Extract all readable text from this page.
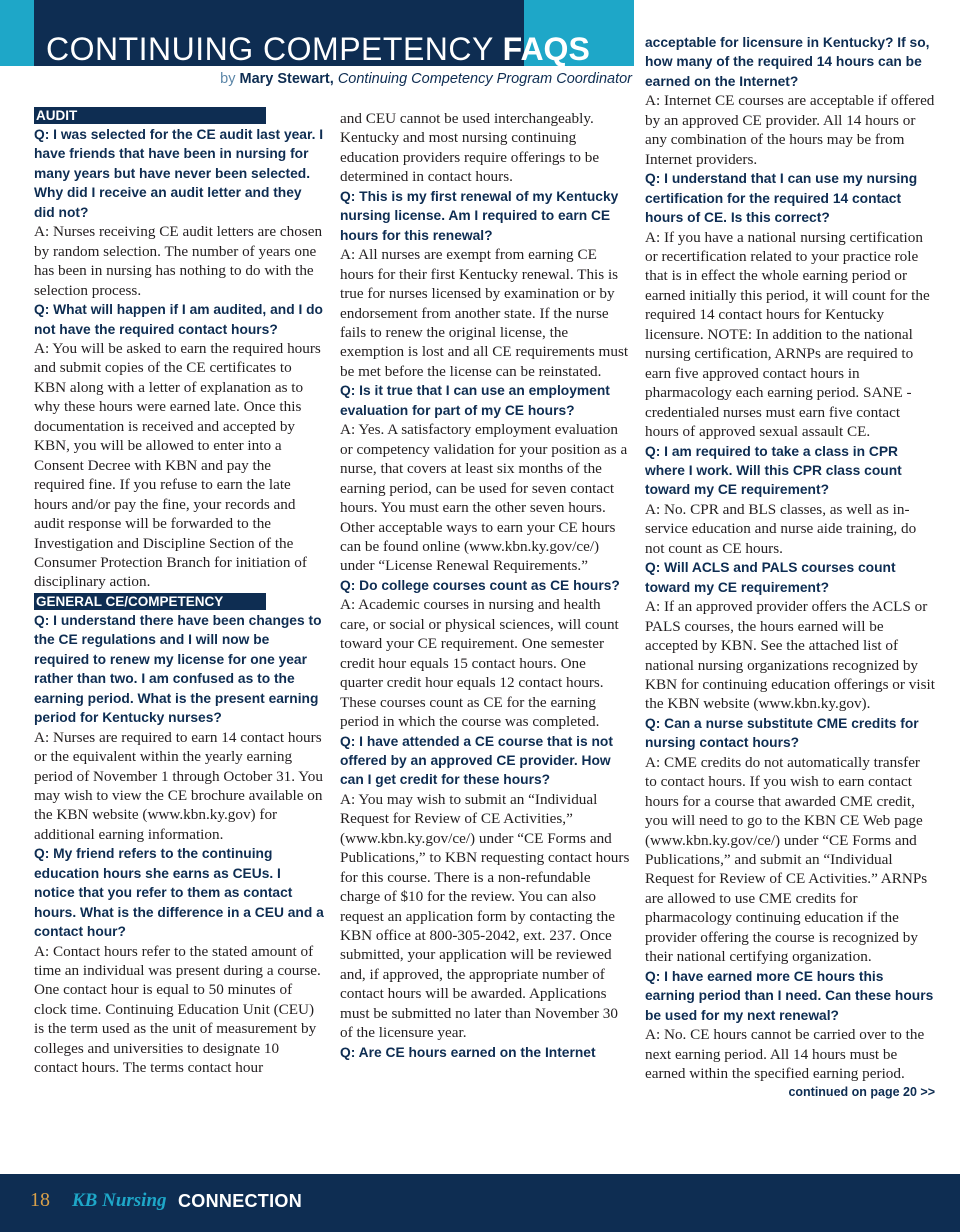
CONTINUING COMPETENCY FAQS
by Mary Stewart, Continuing Competency Program Coordinator
AUDIT

Q: I was selected for the CE audit last year. I have friends that have been in nursing for many years but have never been selected. Why did I receive an audit letter and they did not?

A: Nurses receiving CE audit letters are chosen by random selection. The number of years one has been in nursing has nothing to do with the selection process.

Q: What will happen if I am audited, and I do not have the required contact hours?

A: You will be asked to earn the required hours and submit copies of the CE certificates to KBN along with a letter of explanation as to why these hours were earned late. Once this documentation is received and accepted by KBN, you will be allowed to enter into a Consent Decree with KBN and pay the required fine. If you refuse to earn the late hours and/or pay the fine, your records and audit response will be forwarded to the Investigation and Discipline Section of the Consumer Protection Branch for initiation of disciplinary action.

GENERAL CE/COMPETENCY

Q: I understand there have been changes to the CE regulations and I will now be required to renew my license for one year rather than two. I am confused as to the earning period. What is the present earning period for Kentucky nurses?

A: Nurses are required to earn 14 contact hours or the equivalent within the yearly earning period of November 1 through October 31. You may wish to view the CE brochure available on the KBN website (www.kbn.ky.gov) for additional earning information.

Q: My friend refers to the continuing education hours she earns as CEUs. I notice that you refer to them as contact hours. What is the difference in a CEU and a contact hour?

A: Contact hours refer to the stated amount of time an individual was present during a course. One contact hour is equal to 50 minutes of clock time. Continuing Education Unit (CEU) is the term used as the unit of measurement by colleges and universities to designate 10 contact hours. The terms contact hour

and CEU cannot be used interchangeably. Kentucky and most nursing continuing education providers require offerings to be determined in contact hours.

Q: This is my first renewal of my Kentucky nursing license. Am I required to earn CE hours for this renewal?

A: All nurses are exempt from earning CE hours for their first Kentucky renewal. This is true for nurses licensed by examination or by endorsement from another state. If the nurse fails to renew the original license, the exemption is lost and all CE requirements must be met before the license can be reinstated.

Q: Is it true that I can use an employment evaluation for part of my CE hours?

A: Yes. A satisfactory employment evaluation or competency validation for your position as a nurse, that covers at least six months of the earning period, can be used for seven contact hours. You must earn the other seven hours. Other acceptable ways to earn your CE hours can be found online (www.kbn.ky.gov/ce/) under “License Renewal Requirements.”

Q: Do college courses count as CE hours?

A: Academic courses in nursing and health care, or social or physical sciences, will count toward your CE requirement. One semester credit hour equals 15 contact hours. One quarter credit hour equals 12 contact hours. These courses count as CE for the earning period in which the course was completed.

Q: I have attended a CE course that is not offered by an approved CE provider. How can I get credit for these hours?

A: You may wish to submit an “Individual Request for Review of CE Activities,” (www.kbn.ky.gov/ce/) under “CE Forms and Publications,” to KBN requesting contact hours for this course. There is a non-refundable charge of $10 for the review. You can also request an application form by contacting the KBN office at 800-305-2042, ext. 237. Once submitted, your application will be reviewed and, if approved, the appropriate number of contact hours will be awarded. Applications must be submitted no later than November 30 of the licensure year.

Q: Are CE hours earned on the Internet

acceptable for licensure in Kentucky? If so, how many of the required 14 hours can be earned on the Internet?

A: Internet CE courses are acceptable if offered by an approved CE provider. All 14 hours or any combination of the hours may be from Internet providers.

Q: I understand that I can use my nursing certification for the required 14 contact hours of CE. Is this correct?

A: If you have a national nursing certification or recertification related to your practice role that is in effect the whole earning period or earned initially this period, it will count for the required 14 contact hours for Kentucky licensure. NOTE: In addition to the national nursing certification, ARNPs are required to earn five approved contact hours in pharmacology each earning period. SANE -credentialed nurses must earn five contact hours of approved sexual assault CE.

Q: I am required to take a class in CPR where I work. Will this CPR class count toward my CE requirement?

A: No. CPR and BLS classes, as well as in-service education and nurse aide training, do not count as CE hours.

Q: Will ACLS and PALS courses count toward my CE requirement?

A: If an approved provider offers the ACLS or PALS courses, the hours earned will be accepted by KBN. See the attached list of national nursing organizations recognized by KBN for continuing education offerings or visit the KBN website (www.kbn.ky.gov).

Q: Can a nurse substitute CME credits for nursing contact hours?

A: CME credits do not automatically transfer to contact hours. If you wish to earn contact hours for a course that awarded CME credit, you will need to go to the KBN CE Web page (www.kbn.ky.gov/ce/) under “CE Forms and Publications,” and submit an “Individual Request for Review of CE Activities.” ARNPs are allowed to use CME credits for pharmacology continuing education if the provider offering the course is recognized by their national certifying organization.

Q: I have earned more CE hours this earning period than I need. Can these hours be used for my next renewal?

A: No. CE hours cannot be carried over to the next earning period. All 14 hours must be earned within the specified earning period.

continued on page 20 >>

18 KB Nursing CONNECTION
